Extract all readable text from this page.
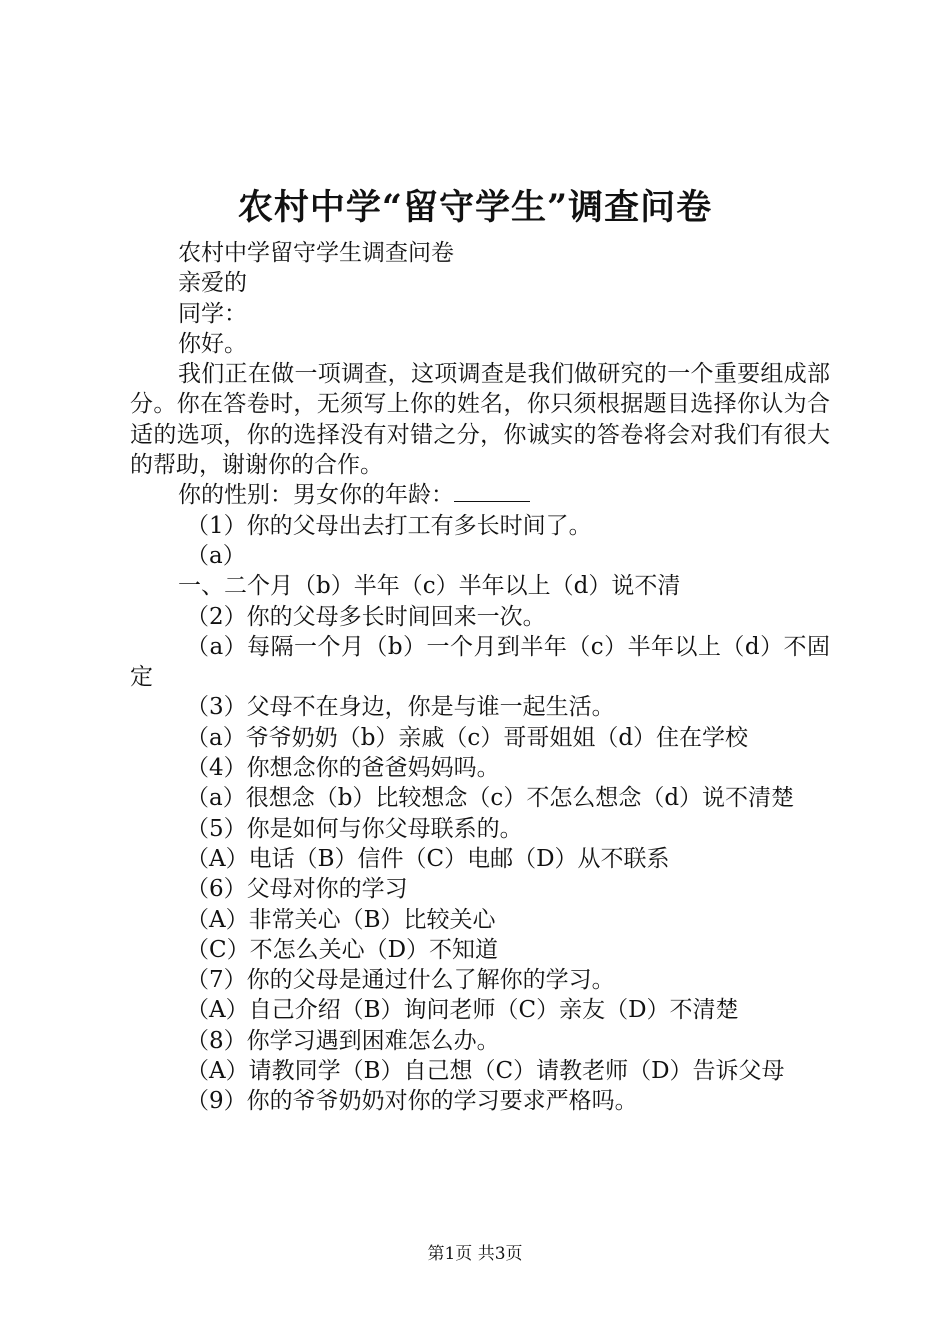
农村中学“留守学生”调查问卷

农村中学留守学生调查问卷

亲爱的

同学：

你好。

我们正在做一项调查，这项调查是我们做研究的一个重要组成部分。你在答卷时，无须写上你的姓名，你只须根据题目选择你认为合适的选项，你的选择没有对错之分，你诚实的答卷将会对我们有很大的帮助，谢谢你的合作。

你的性别：男女你的年龄：

（1）你的父母出去打工有多长时间了。

（a）

一、二个月（b）半年（c）半年以上（d）说不清

（2）你的父母多长时间回来一次。

（a）每隔一个月（b）一个月到半年（c）半年以上（d）不固定

（3）父母不在身边，你是与谁一起生活。

（a）爷爷奶奶（b）亲戚（c）哥哥姐姐（d）住在学校

（4）你想念你的爸爸妈妈吗。

（a）很想念（b）比较想念（c）不怎么想念（d）说不清楚

（5）你是如何与你父母联系的。

（A）电话（B）信件（C）电邮（D）从不联系

（6）父母对你的学习

（A）非常关心（B）比较关心

（C）不怎么关心（D）不知道

（7）你的父母是通过什么了解你的学习。

（A）自己介绍（B）询问老师（C）亲友（D）不清楚

（8）你学习遇到困难怎么办。

（A）请教同学（B）自己想（C）请教老师（D）告诉父母

（9）你的爷爷奶奶对你的学习要求严格吗。

第1页 共3页
